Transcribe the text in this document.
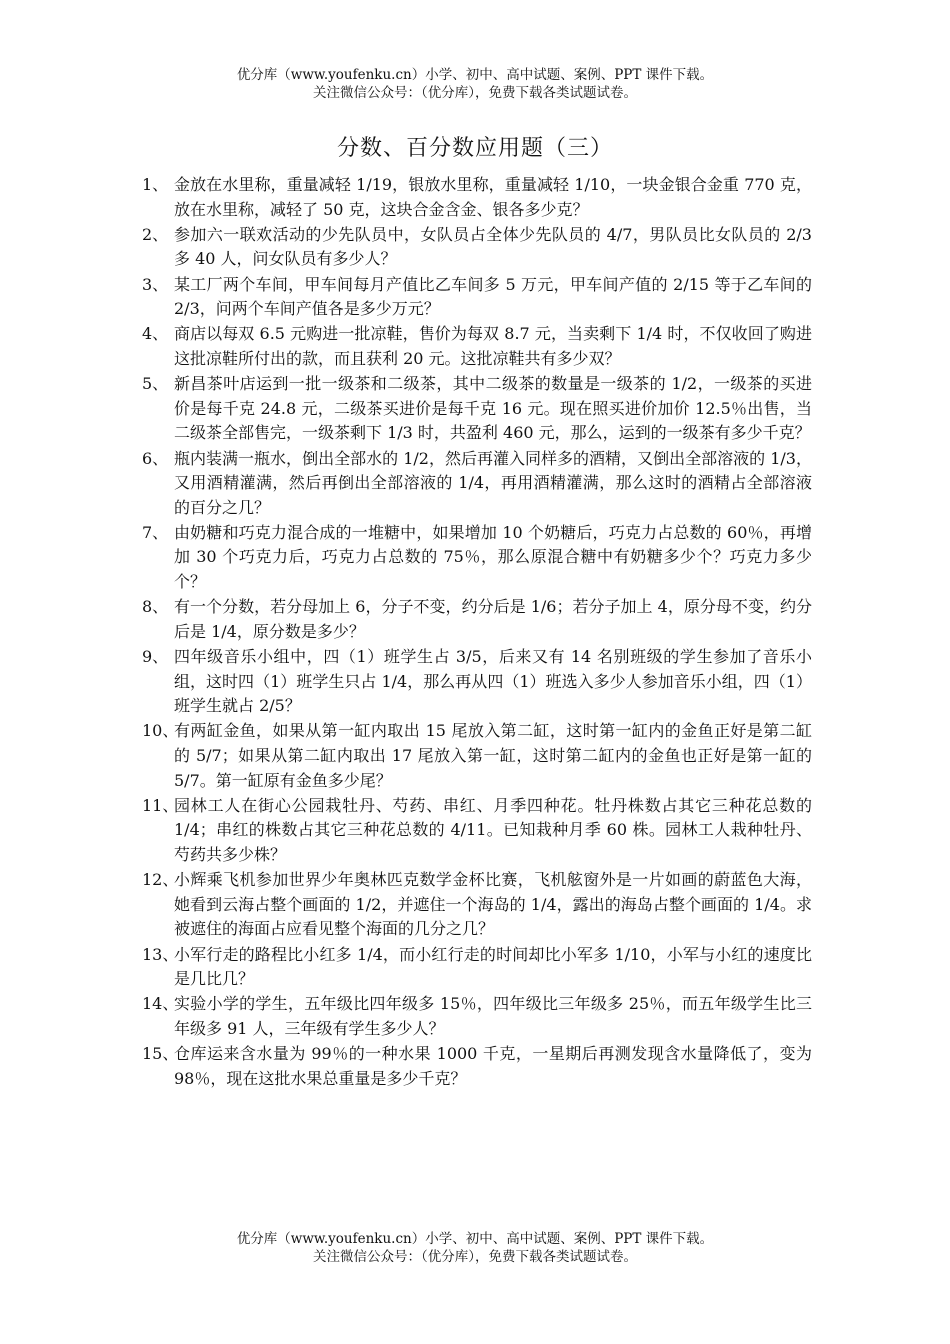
优分库（www.youfenku.cn）小学、初中、高中试题、案例、PPT 课件下载。
关注微信公众号：（优分库），免费下载各类试题试卷。
分数、百分数应用题（三）
1、 金放在水里称，重量减轻 1/19，银放水里称，重量减轻 1/10，一块金银合金重 770 克，放在水里称，减轻了 50 克，这块合金含金、银各多少克？
2、 参加六一联欢活动的少先队员中，女队员占全体少先队员的 4/7，男队员比女队员的 2/3 多 40 人，问女队员有多少人？
3、 某工厂两个车间，甲车间每月产值比乙车间多 5 万元，甲车间产值的 2/15 等于乙车间的 2/3，问两个车间产值各是多少万元？
4、 商店以每双 6.5 元购进一批凉鞋，售价为每双 8.7 元，当卖剩下 1/4 时，不仅收回了购进这批凉鞋所付出的款，而且获利 20 元。这批凉鞋共有多少双？
5、 新昌茶叶店运到一批一级茶和二级茶，其中二级茶的数量是一级茶的 1/2，一级茶的买进价是每千克 24.8 元，二级茶买进价是每千克 16 元。现在照买进价加价 12.5％出售，当二级茶全部售完，一级茶剩下 1/3 时，共盈利 460 元，那么，运到的一级茶有多少千克？
6、 瓶内装满一瓶水，倒出全部水的 1/2，然后再灌入同样多的酒精，又倒出全部溶液的 1/3，又用酒精灌满，然后再倒出全部溶液的 1/4，再用酒精灌满，那么这时的酒精占全部溶液的百分之几？
7、 由奶糖和巧克力混合成的一堆糖中，如果增加 10 个奶糖后，巧克力占总数的 60％，再增加 30 个巧克力后，巧克力占总数的 75％，那么原混合糖中有奶糖多少个？巧克力多少个？
8、 有一个分数，若分母加上 6，分子不变，约分后是 1/6；若分子加上 4，原分母不变，约分后是 1/4，原分数是多少？
9、 四年级音乐小组中，四（1）班学生占 3/5，后来又有 14 名别班级的学生参加了音乐小组，这时四（1）班学生只占 1/4，那么再从四（1）班选入多少人参加音乐小组，四（1）班学生就占 2/5？
10、
有两缸金鱼，如果从第一缸内取出 15 尾放入第二缸，这时第一缸内的金鱼正好是第二缸的 5/7；如果从第二缸内取出 17 尾放入第一缸，这时第二缸内的金鱼也正好是第一缸的 5/7。第一缸原有金鱼多少尾？
11、
园林工人在街心公园栽牡丹、芍药、串红、月季四种花。牡丹株数占其它三种花总数的 1/4；串红的株数占其它三种花总数的 4/11。已知栽种月季 60 株。园林工人栽种牡丹、芍药共多少株？
12、
小辉乘飞机参加世界少年奥林匹克数学金杯比赛，飞机舷窗外是一片如画的蔚蓝色大海，她看到云海占整个画面的 1/2，并遮住一个海岛的 1/4，露出的海岛占整个画面的 1/4。求被遮住的海面占应看见整个海面的几分之几？
13、
小军行走的路程比小红多 1/4，而小红行走的时间却比小军多 1/10，小军与小红的速度比是几比几？
14、
实验小学的学生，五年级比四年级多 15％，四年级比三年级多 25％，而五年级学生比三年级多 91 人，三年级有学生多少人？
15、
仓库运来含水量为 99％的一种水果 1000 千克，一星期后再测发现含水量降低了，变为 98％，现在这批水果总重量是多少千克？
优分库（www.youfenku.cn）小学、初中、高中试题、案例、PPT 课件下载。
关注微信公众号：（优分库），免费下载各类试题试卷。
